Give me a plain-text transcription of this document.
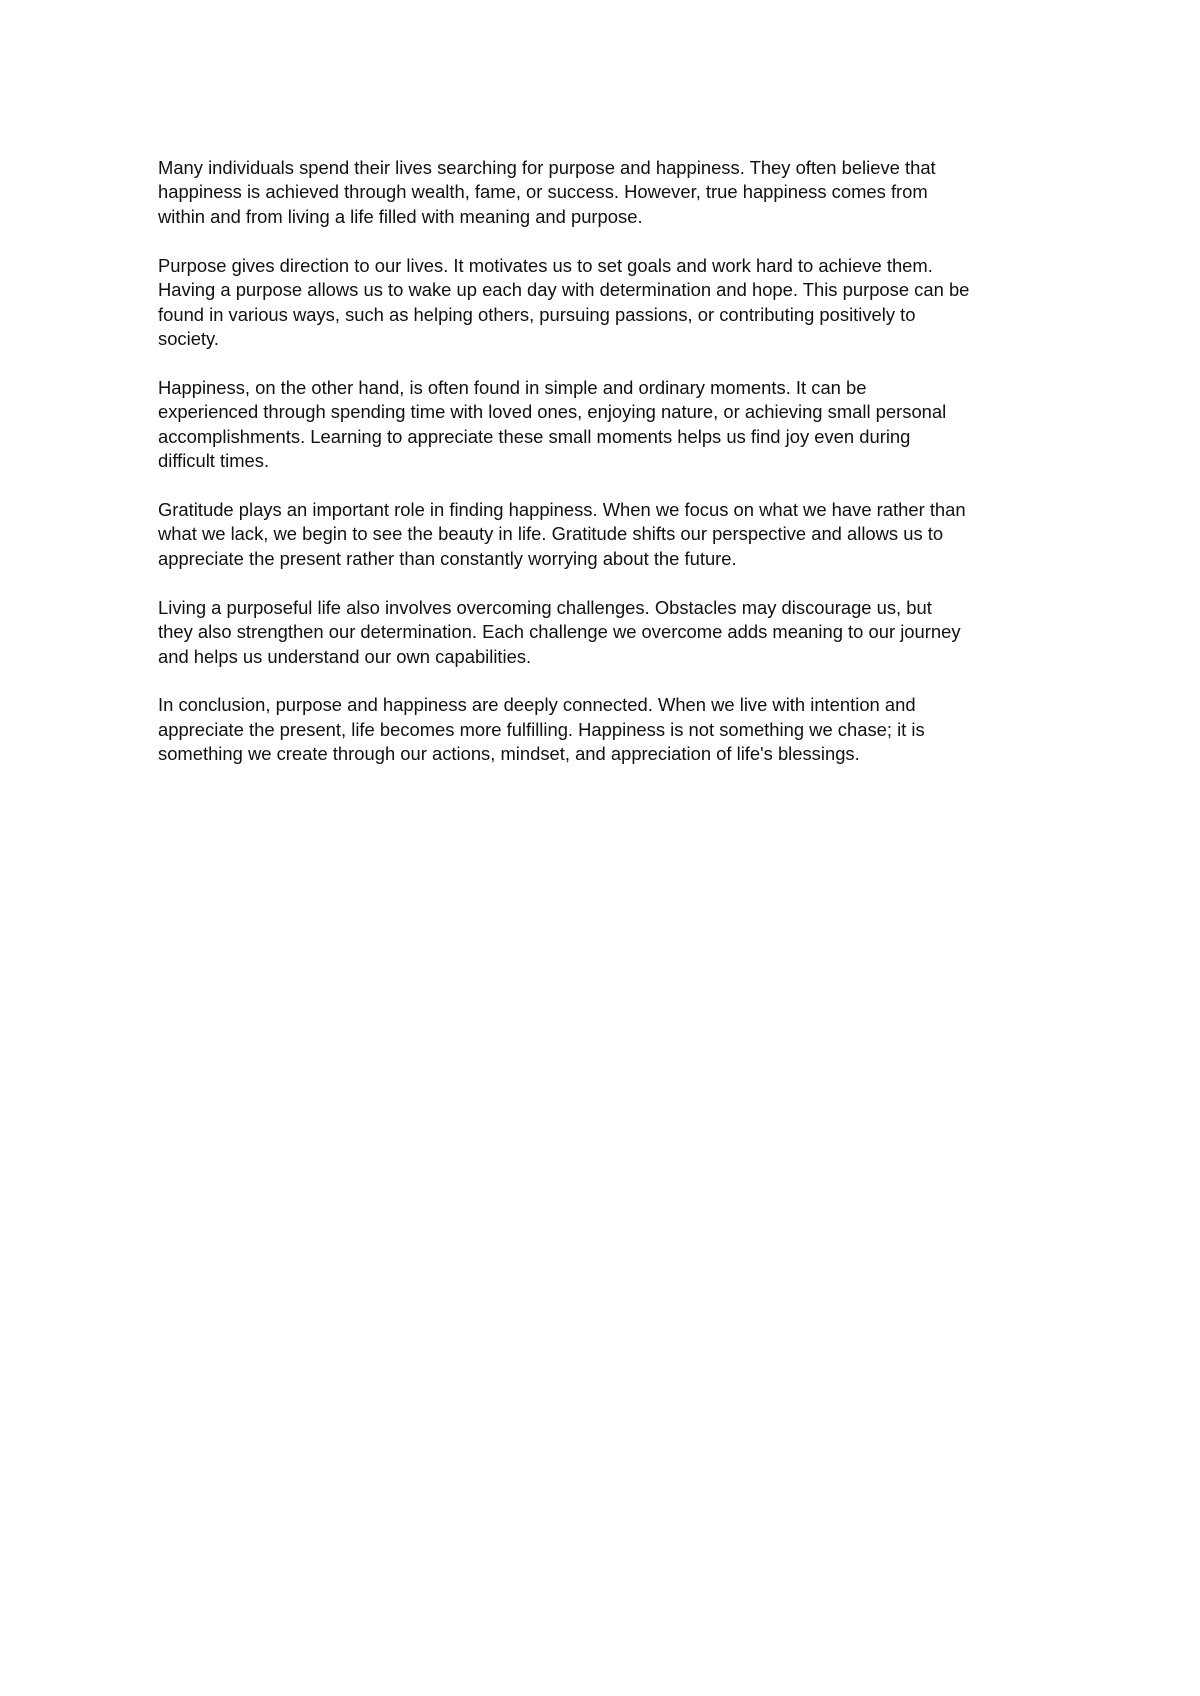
Many individuals spend their lives searching for purpose and happiness. They often believe that
happiness is achieved through wealth, fame, or success. However, true happiness comes from
within and from living a life filled with meaning and purpose.

Purpose gives direction to our lives. It motivates us to set goals and work hard to achieve them.
Having a purpose allows us to wake up each day with determination and hope. This purpose can be
found in various ways, such as helping others, pursuing passions, or contributing positively to
society.

Happiness, on the other hand, is often found in simple and ordinary moments. It can be
experienced through spending time with loved ones, enjoying nature, or achieving small personal
accomplishments. Learning to appreciate these small moments helps us find joy even during
difficult times.

Gratitude plays an important role in finding happiness. When we focus on what we have rather than
what we lack, we begin to see the beauty in life. Gratitude shifts our perspective and allows us to
appreciate the present rather than constantly worrying about the future.

Living a purposeful life also involves overcoming challenges. Obstacles may discourage us, but
they also strengthen our determination. Each challenge we overcome adds meaning to our journey
and helps us understand our own capabilities.

In conclusion, purpose and happiness are deeply connected. When we live with intention and
appreciate the present, life becomes more fulfilling. Happiness is not something we chase; it is
something we create through our actions, mindset, and appreciation of life's blessings.
